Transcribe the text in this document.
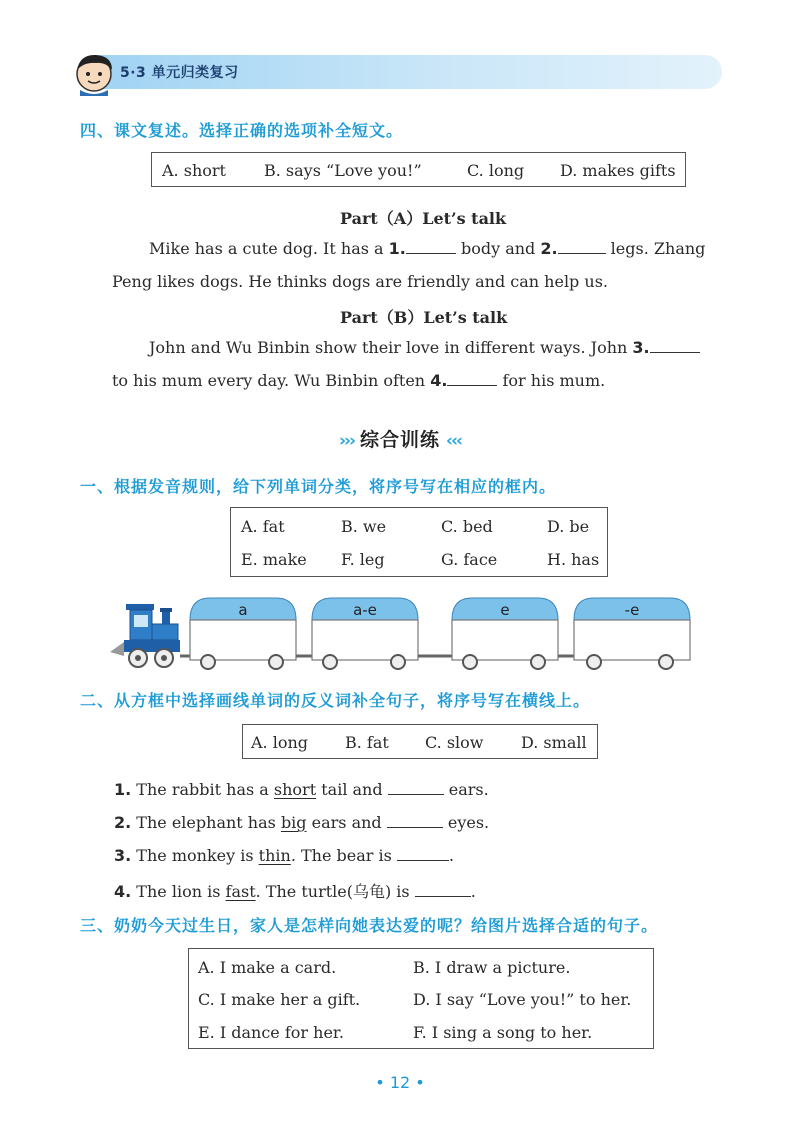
5·3 单元归类复习
四、课文复述。选择正确的选项补全短文。
A. short B. says “Love you!”	C. long D. makes gifts
Part（A）Let’s talk
Mike has a cute dog. It has a 1.	body and 2.	legs. Zhang
Peng likes dogs. He thinks dogs are friendly and can help us.
Part（B）Let’s talk
John and Wu Binbin show their love in different ways. John 3.
to his mum every day. Wu Binbin often 4.	for his mum.
››› 综合训练 ‹‹‹
一、根据发音规则，给下列单词分类，将序号写在相应的框内。
A. fat	B. we	C. bed	D. be
E. make F. leg	G. face	H. has
a	a-e	e	-e
二、从方框中选择画线单词的反义词补全句子，将序号写在横线上。
A. long B. fat C. slow D. small
1. The rabbit has a short tail and	ears.
2. The elephant has big ears and	eyes.
3. The monkey is thin. The bear is	.
4. The lion is fast. The turtle(乌龟) is	.
三、奶奶今天过生日，家人是怎样向她表达爱的呢？给图片选择合适的句子。
A. I make a card.	B. I draw a picture.
C. I make her a gift.	D. I say “Love you!” to her.
E. I dance for her.	F. I sing a song to her.
• 12 •
